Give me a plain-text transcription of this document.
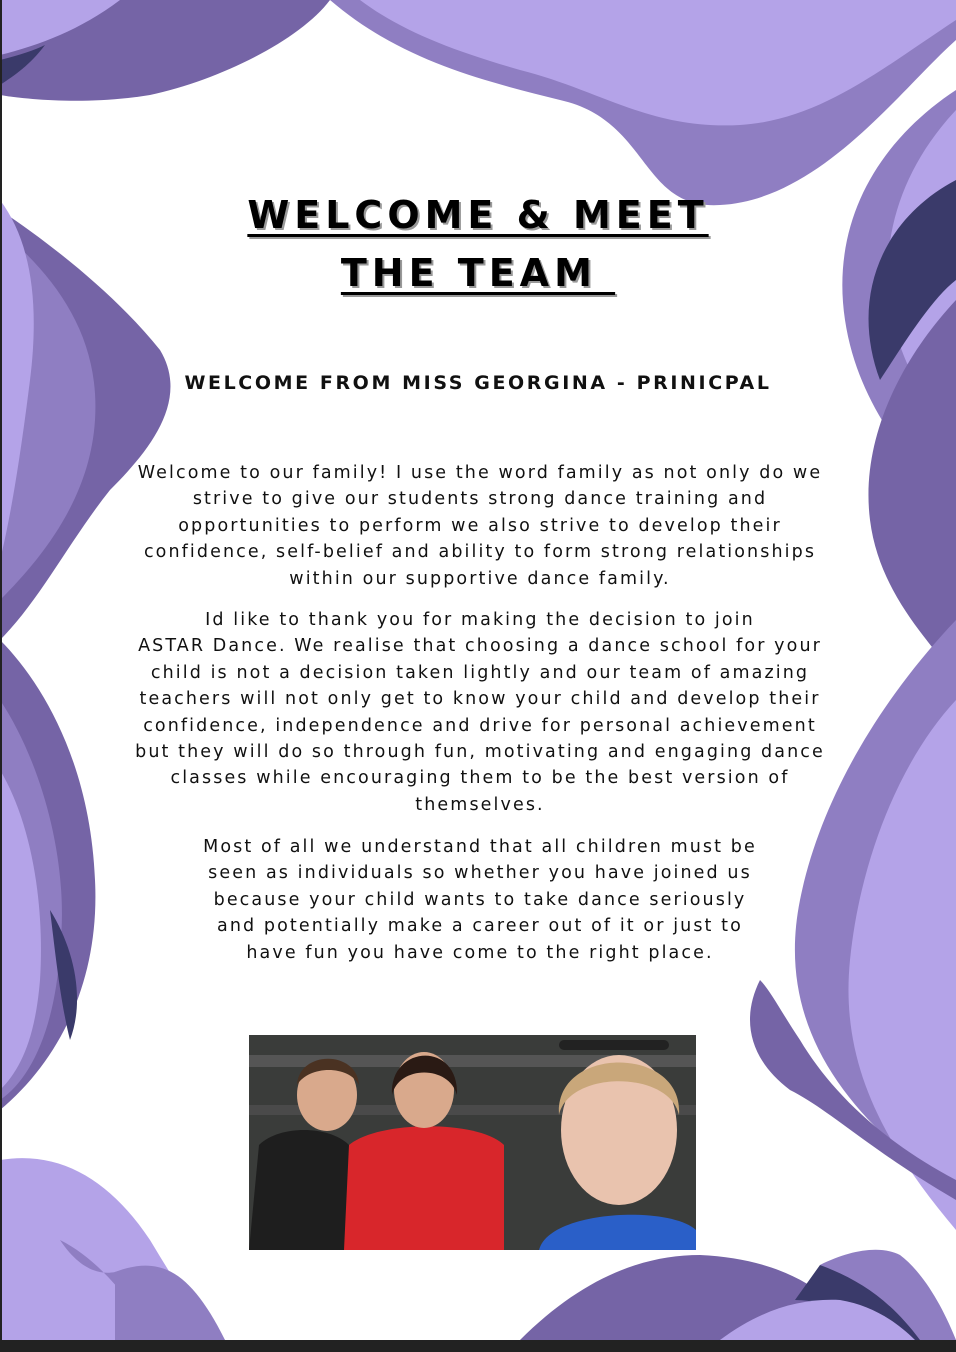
WELCOME & MEET
THE TEAM
WELCOME FROM MISS GEORGINA - PRINICPAL
Welcome to our family! I use the word family as not only do we
strive to give our students strong dance training and
opportunities to perform we also strive to develop their
confidence, self-belief and ability to form strong relationships
within our supportive dance family.
Id like to thank you for making the decision to join
ASTAR Dance. We realise that choosing a dance school for your
child is not a decision taken lightly and our team of amazing
teachers will not only get to know your child and develop their
confidence, independence and drive for personal achievement
but they will do so through fun, motivating and engaging dance
classes while encouraging them to be the best version of
themselves.
Most of all we understand that all children must be
seen as individuals so whether you have joined us
because your child wants to take dance seriously
and potentially make a career out of it or just to
have fun you have come to the right place.
